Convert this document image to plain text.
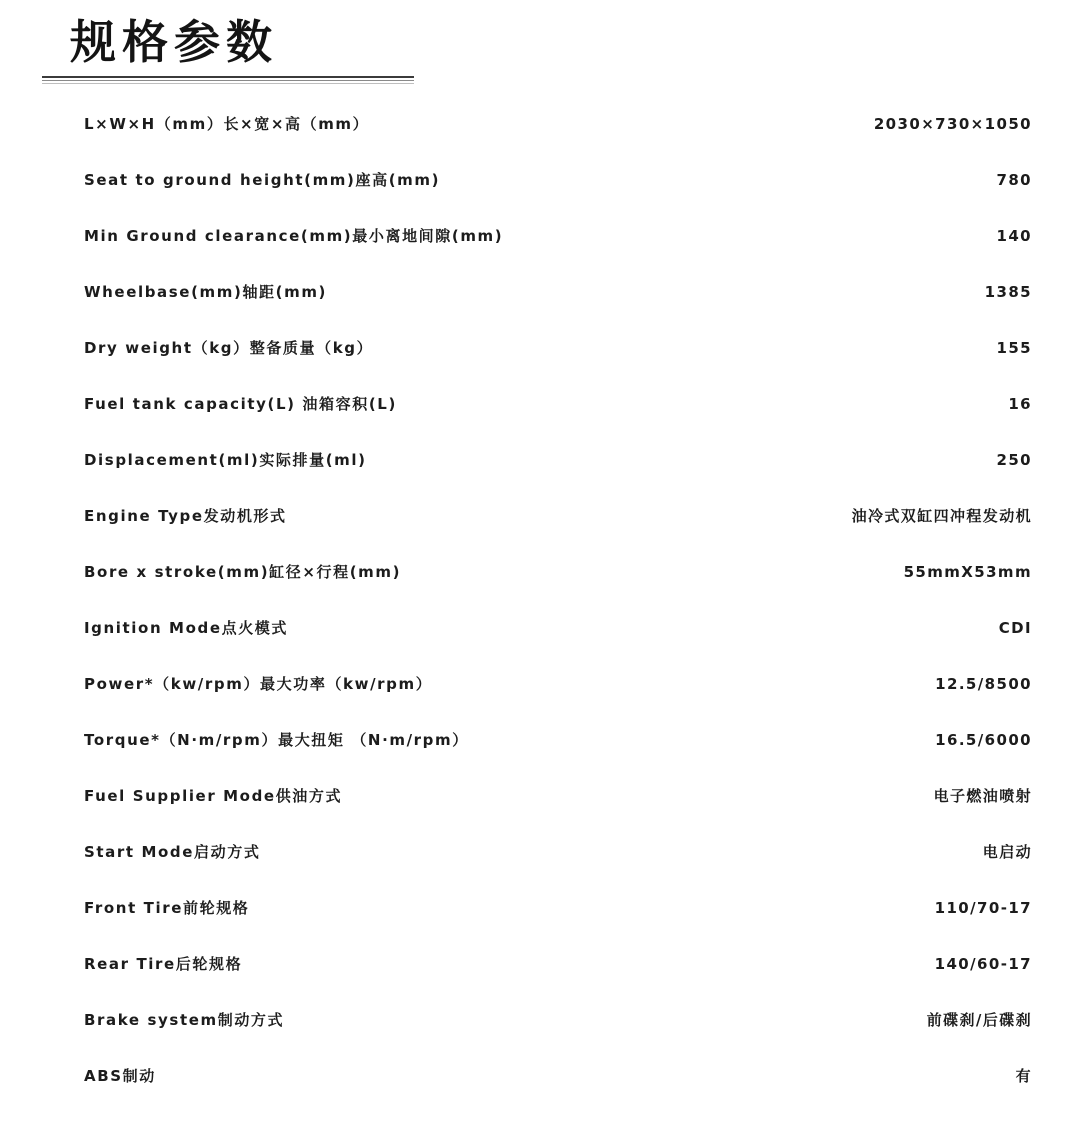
规格参数
L×W×H（mm）长×宽×高（mm）	2030×730×1050
Seat to ground height(mm)座高(mm)	780
Min Ground clearance(mm)最小离地间隙(mm)	140
Wheelbase(mm)轴距(mm)	1385
Dry weight（kg）整备质量（kg）	155
Fuel tank capacity(L) 油箱容积(L)	16
Displacement(ml)实际排量(ml)	250
Engine Type发动机形式	油冷式双缸四冲程发动机
Bore x stroke(mm)缸径×行程(mm)	55mmX53mm
Ignition Mode点火模式	CDI
Power*（kw/rpm）最大功率（kw/rpm）	12.5/8500
Torque*（N·m/rpm）最大扭矩 （N·m/rpm）	16.5/6000
Fuel Supplier Mode供油方式	电子燃油喷射
Start Mode启动方式	电启动
Front Tire前轮规格	110/70-17
Rear Tire后轮规格	140/60-17
Brake system制动方式	前碟刹/后碟刹
ABS制动	有
